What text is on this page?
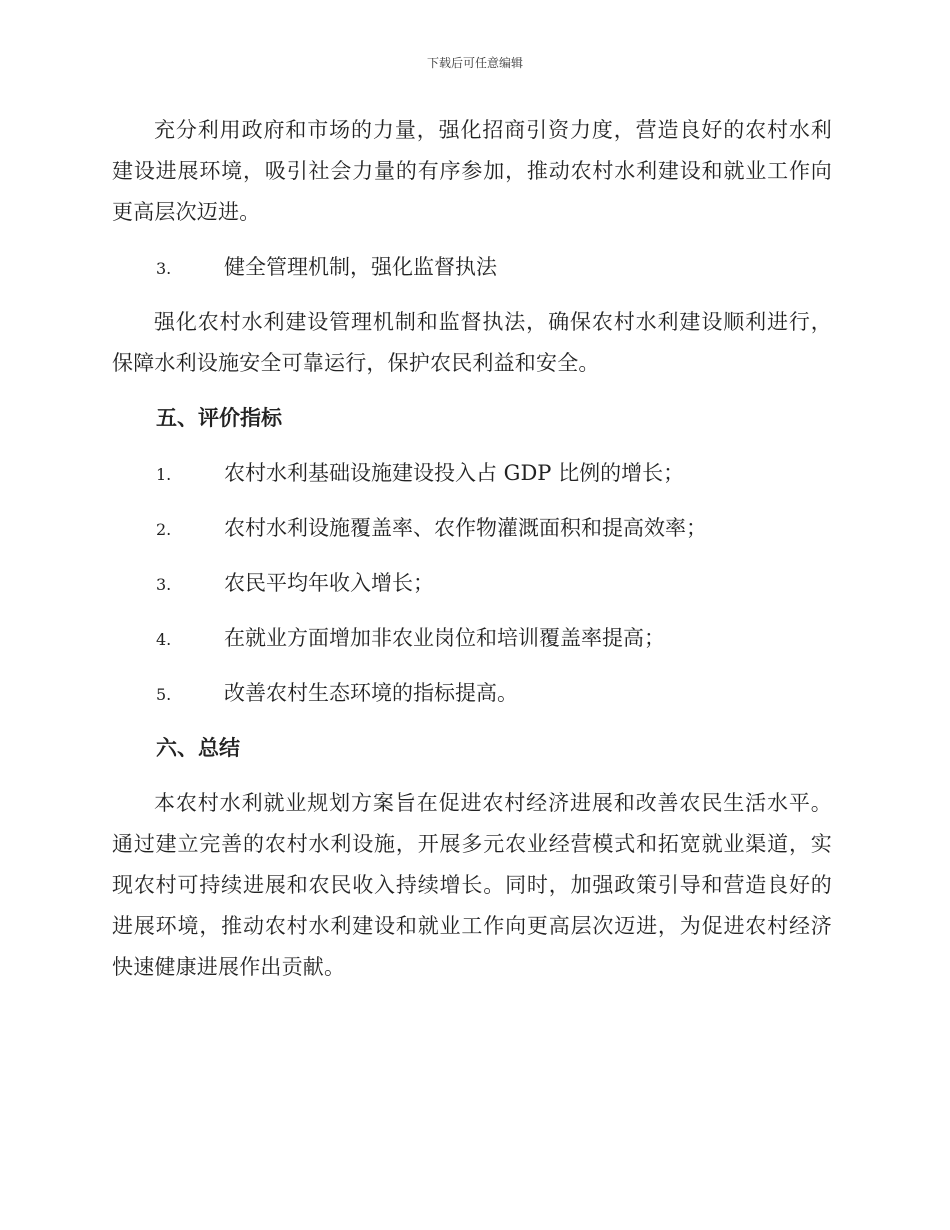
下载后可任意编辑

充分利用政府和市场的力量，强化招商引资力度，营造良好的农村水利建设进展环境，吸引社会力量的有序参加，推动农村水利建设和就业工作向更高层次迈进。

3.	健全管理机制，强化监督执法

强化农村水利建设管理机制和监督执法，确保农村水利建设顺利进行，保障水利设施安全可靠运行，保护农民利益和安全。

五、评价指标
1.	农村水利基础设施建设投入占 GDP 比例的增长；
2.	农村水利设施覆盖率、农作物灌溉面积和提高效率；
3.	农民平均年收入增长；
4.	在就业方面增加非农业岗位和培训覆盖率提高；
5.	改善农村生态环境的指标提高。
六、总结

本农村水利就业规划方案旨在促进农村经济进展和改善农民生活水平。通过建立完善的农村水利设施，开展多元农业经营模式和拓宽就业渠道，实现农村可持续进展和农民收入持续增长。同时，加强政策引导和营造良好的进展环境，推动农村水利建设和就业工作向更高层次迈进，为促进农村经济快速健康进展作出贡献。
